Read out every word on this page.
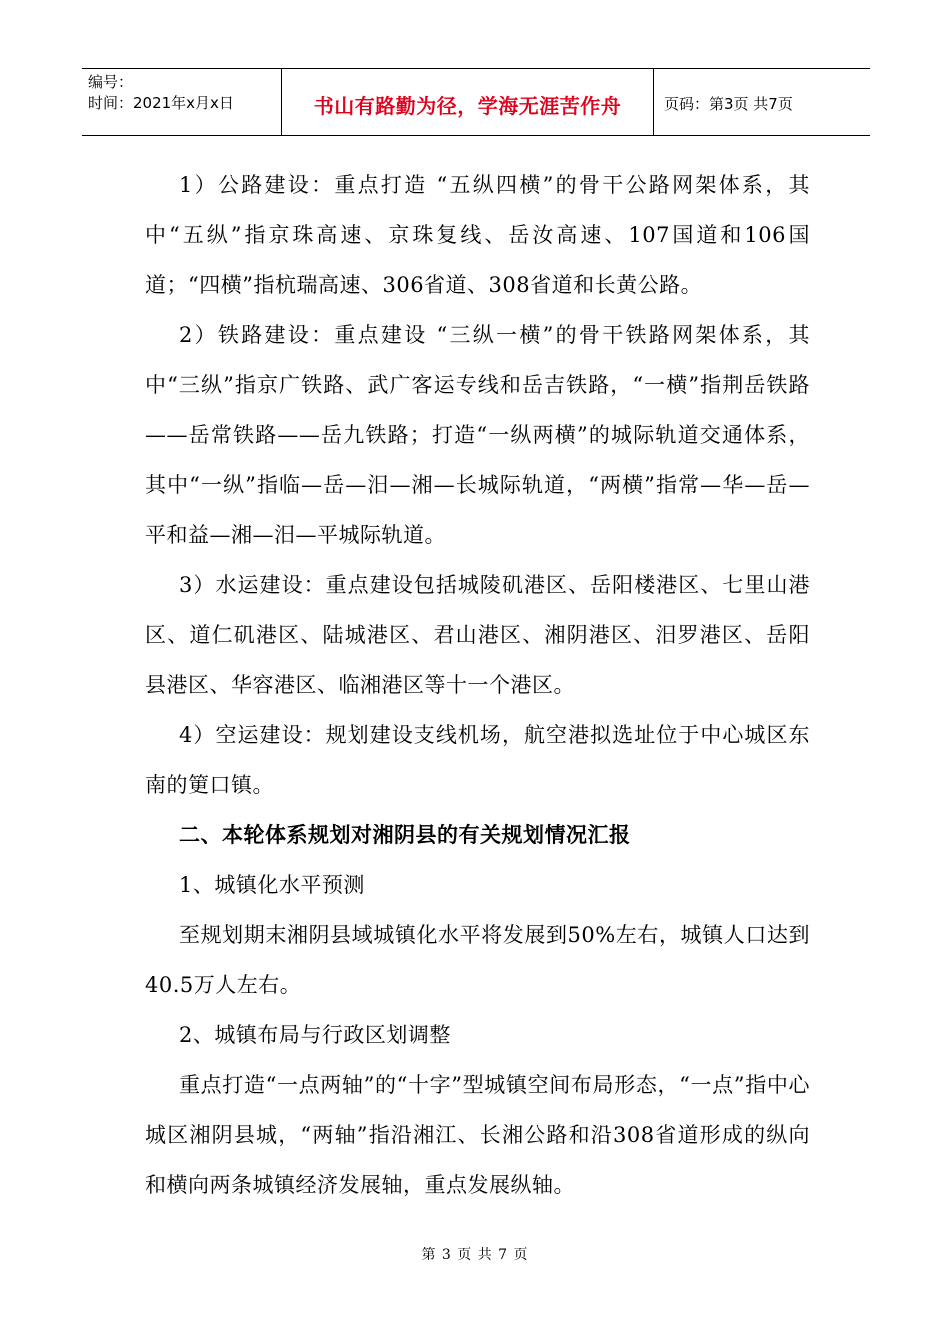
编号：
时间：2021年x月x日	书山有路勤为径，学海无涯苦作舟	页码：第3页 共7页

1）公路建设：重点打造 “五纵四横”的骨干公路网架体系，其中“五纵”指京珠高速、京珠复线、岳汝高速、107国道和106国道；“四横”指杭瑞高速、306省道、308省道和长黄公路。

2）铁路建设：重点建设 “三纵一横”的骨干铁路网架体系，其中“三纵”指京广铁路、武广客运专线和岳吉铁路，“一横”指荆岳铁路——岳常铁路——岳九铁路；打造“一纵两横”的城际轨道交通体系，其中“一纵”指临—岳—汨—湘—长城际轨道，“两横”指常—华—岳—平和益—湘—汨—平城际轨道。

3）水运建设：重点建设包括城陵矶港区、岳阳楼港区、七里山港区、道仁矶港区、陆城港区、君山港区、湘阴港区、汨罗港区、岳阳县港区、华容港区、临湘港区等十一个港区。

4）空运建设：规划建设支线机场，航空港拟选址位于中心城区东南的筻口镇。

二、本轮体系规划对湘阴县的有关规划情况汇报

1、城镇化水平预测

至规划期末湘阴县域城镇化水平将发展到50%左右，城镇人口达到40.5万人左右。

2、城镇布局与行政区划调整

重点打造“一点两轴”的“十字”型城镇空间布局形态，“一点”指中心城区湘阴县城，“两轴”指沿湘江、长湘公路和沿308省道形成的纵向和横向两条城镇经济发展轴，重点发展纵轴。

第 3 页 共 7 页
